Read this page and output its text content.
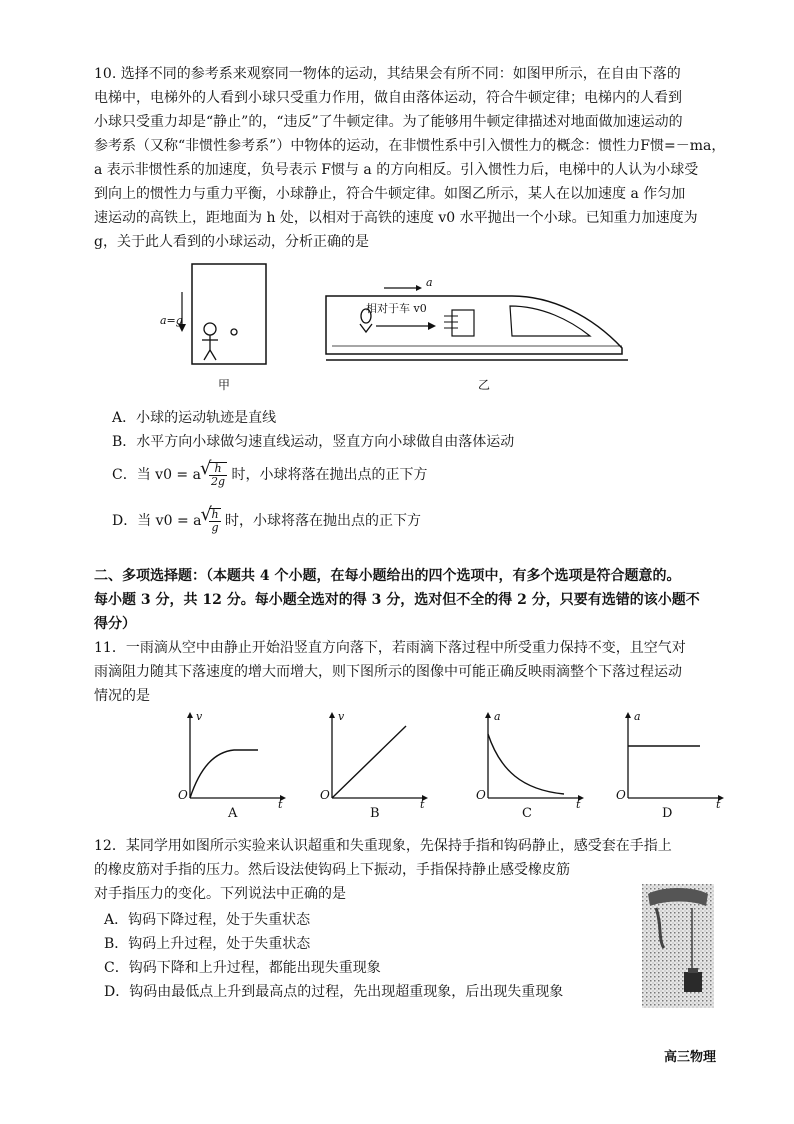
10. 选择不同的参考系来观察同一物体的运动，其结果会有所不同：如图甲所示，在自由下落的
电梯中，电梯外的人看到小球只受重力作用，做自由落体运动，符合牛顿定律；电梯内的人看到
小球只受重力却是“静止”的，“违反”了牛顿定律。为了能够用牛顿定律描述对地面做加速运动的
参考系（又称“非惯性参考系”）中物体的运动，在非惯性系中引入惯性力的概念：惯性力F惯=－ma，
a 表示非惯性系的加速度，负号表示 F惯与 a 的方向相反。引入惯性力后，电梯中的人认为小球受
到向上的惯性力与重力平衡，小球静止，符合牛顿定律。如图乙所示，某人在以加速度 a 作匀加
速运动的高铁上，距地面为 h 处，以相对于高铁的速度 v0 水平抛出一个小球。已知重力加速度为
g，关于此人看到的小球运动，分析正确的是
a=g
甲
a
相对于车 v0
乙
A．小球的运动轨迹是直线
B．水平方向小球做匀速直线运动，竖直方向小球做自由落体运动
C．当 v0 = a √ $\frac{h}{2g}$ 时，小球将落在抛出点的正下方
D．当 v0 = a √ $\frac{h}{g}$ 时，小球将落在抛出点的正下方
二、多项选择题：（本题共 4 个小题，在每小题给出的四个选项中，有多个选项是符合题意的。
每小题 3 分，共 12 分。每小题全选对的得 3 分，选对但不全的得 2 分，只要有选错的该小题不
得分）
11．一雨滴从空中由静止开始沿竖直方向落下，若雨滴下落过程中所受重力保持不变，且空气对
雨滴阻力随其下落速度的增大而增大，则下图所示的图像中可能正确反映雨滴整个下落过程运动
情况的是
v
t
O
A
v
t
O
B
a
t
O
C
a
t
O
D
12．某同学用如图所示实验来认识超重和失重现象，先保持手指和钩码静止，感受套在手指上
的橡皮筋对手指的压力。然后设法使钩码上下振动，手指保持静止感受橡皮筋
对手指压力的变化。下列说法中正确的是
A．钩码下降过程，处于失重状态
B．钩码上升过程，处于失重状态
C．钩码下降和上升过程，都能出现失重现象
D．钩码由最低点上升到最高点的过程，先出现超重现象，后出现失重现象
高三物理
